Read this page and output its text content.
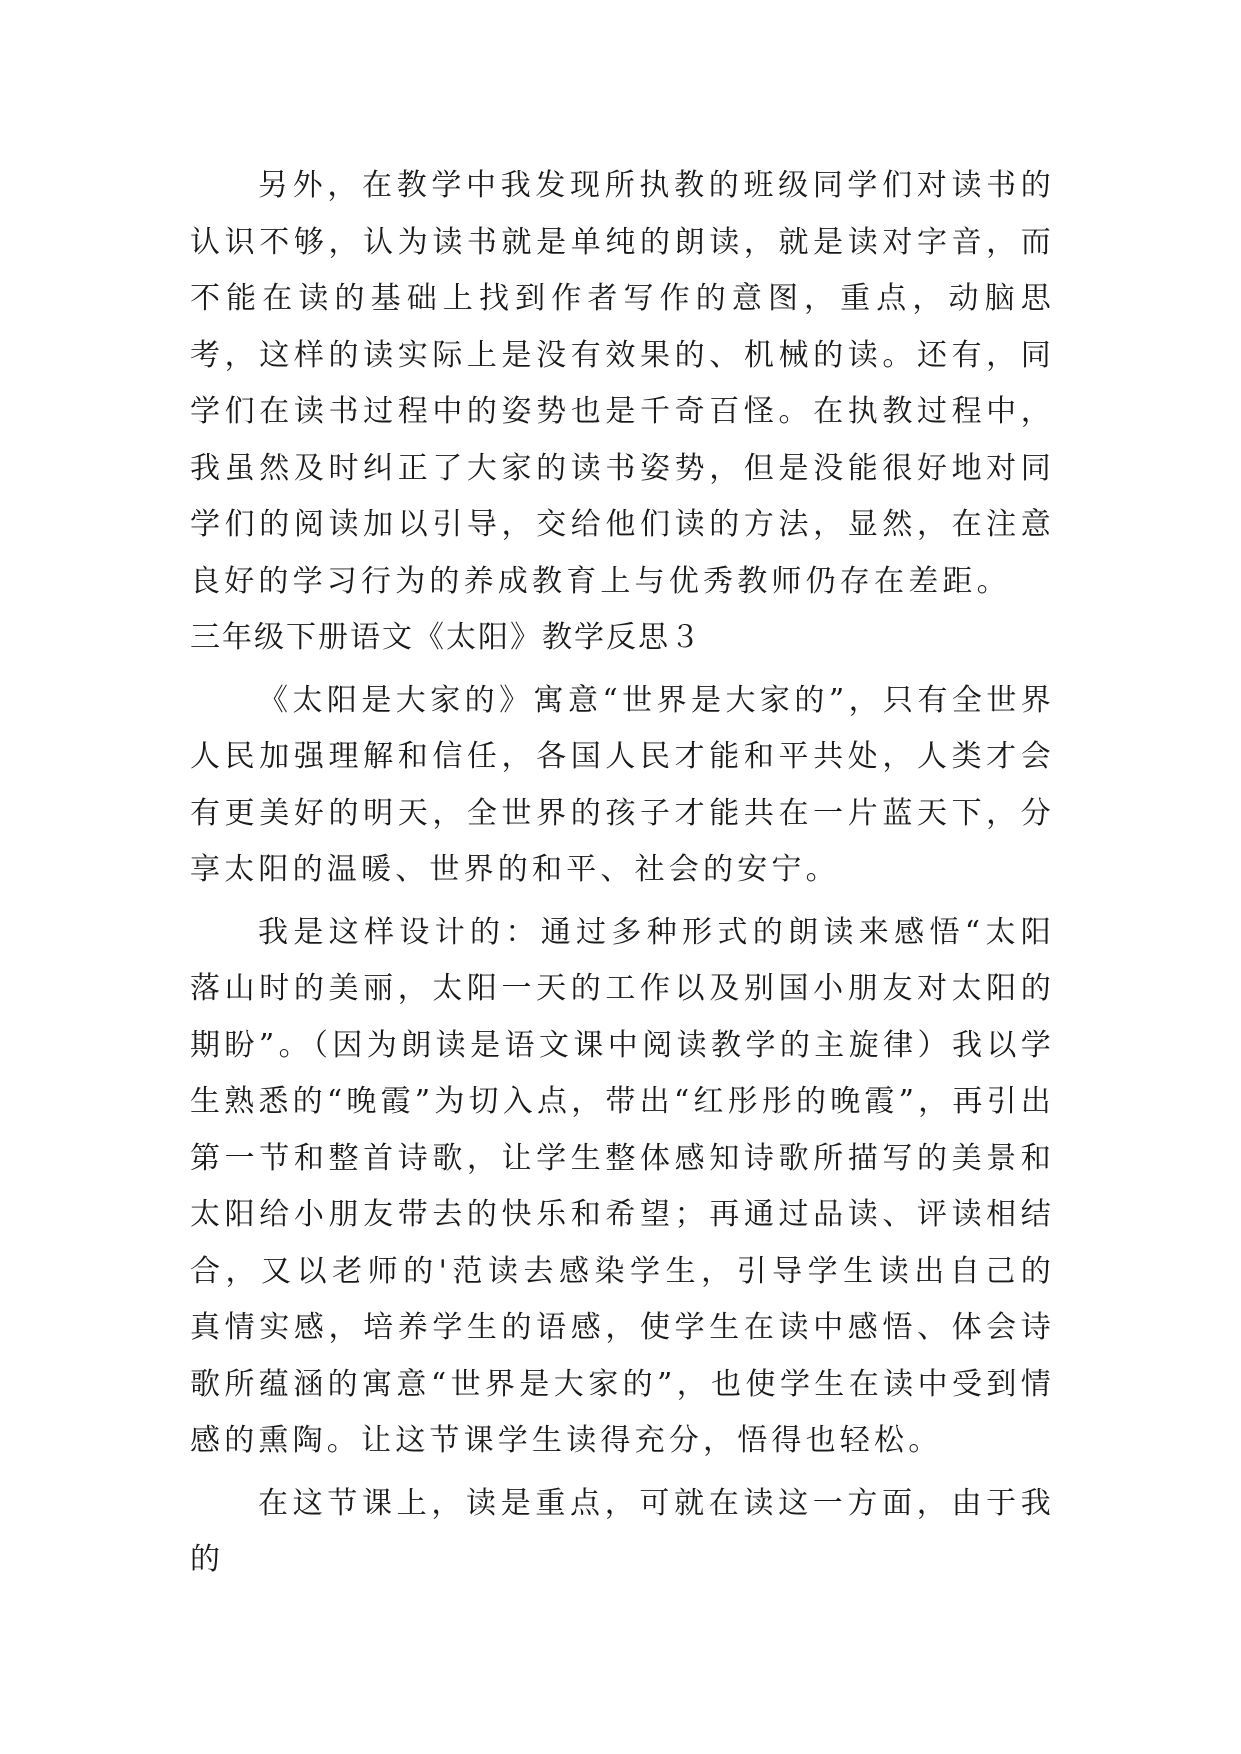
另外，在教学中我发现所执教的班级同学们对读书的认识不够，认为读书就是单纯的朗读，就是读对字音，而不能在读的基础上找到作者写作的意图，重点，动脑思考，这样的读实际上是没有效果的、机械的读。还有，同学们在读书过程中的姿势也是千奇百怪。在执教过程中，我虽然及时纠正了大家的读书姿势，但是没能很好地对同学们的阅读加以引导，交给他们读的方法，显然，在注意良好的学习行为的养成教育上与优秀教师仍存在差距。

三年级下册语文《太阳》教学反思３

《太阳是大家的》寓意“世界是大家的”，只有全世界人民加强理解和信任，各国人民才能和平共处，人类才会有更美好的明天，全世界的孩子才能共在一片蓝天下，分享太阳的温暖、世界的和平、社会的安宁。

我是这样设计的：通过多种形式的朗读来感悟“太阳落山时的美丽，太阳一天的工作以及别国小朋友对太阳的期盼”。（因为朗读是语文课中阅读教学的主旋律）我以学生熟悉的“晚霞”为切入点，带出“红彤彤的晚霞”，再引出第一节和整首诗歌，让学生整体感知诗歌所描写的美景和太阳给小朋友带去的快乐和希望；再通过品读、评读相结合，又以老师的'范读去感染学生，引导学生读出自己的真情实感，培养学生的语感，使学生在读中感悟、体会诗歌所蕴涵的寓意“世界是大家的”，也使学生在读中受到情感的熏陶。让这节课学生读得充分，悟得也轻松。

在这节课上，读是重点，可就在读这一方面，由于我的
